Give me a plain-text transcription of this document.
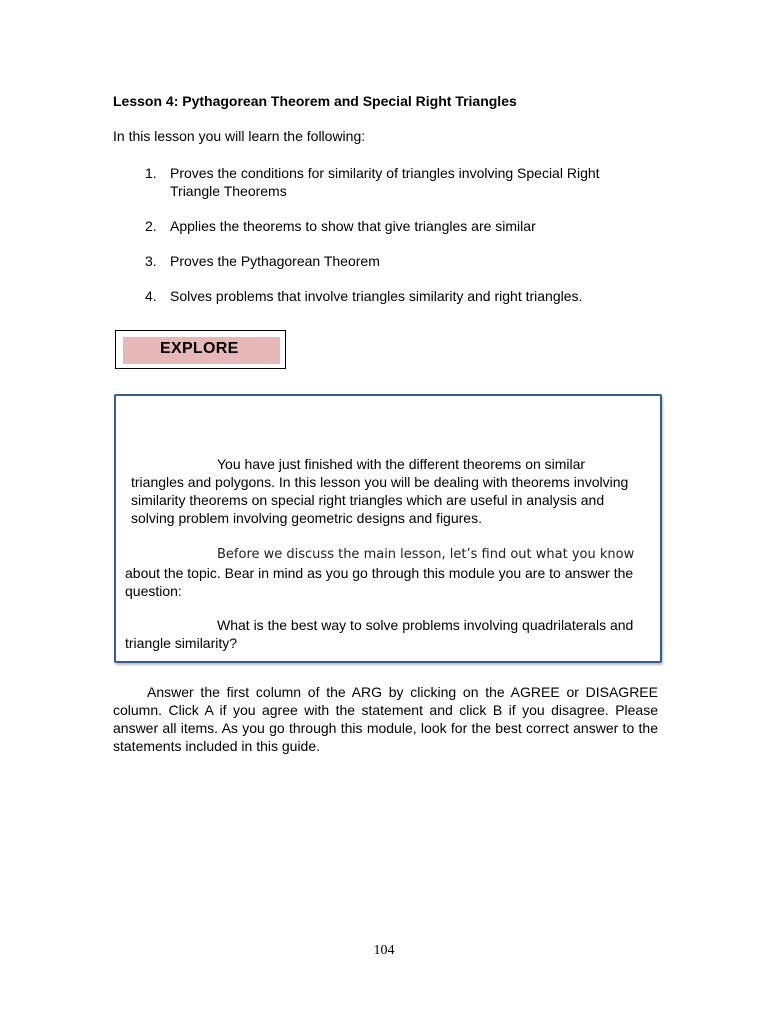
Lesson 4: Pythagorean Theorem and Special Right Triangles
In this lesson you will learn the following:
1. Proves the conditions for similarity of triangles involving Special Right Triangle Theorems
2. Applies the theorems to show that give triangles are similar
3. Proves the Pythagorean Theorem
4. Solves problems that involve triangles similarity and right triangles.
EXPLORE

You have just finished with the different theorems on similar triangles and polygons. In this lesson you will be dealing with theorems involving similarity theorems on special right triangles which are useful in analysis and solving problem involving geometric designs and figures.

Before we discuss the main lesson, let’s find out what you know about the topic. Bear in mind as you go through this module you are to answer the question:

What is the best way to solve problems involving quadrilaterals and triangle similarity?

Answer the first column of the ARG by clicking on the AGREE or DISAGREE column. Click A if you agree with the statement and click B if you disagree. Please answer all items. As you go through this module, look for the best correct answer to the statements included in this guide.

104
